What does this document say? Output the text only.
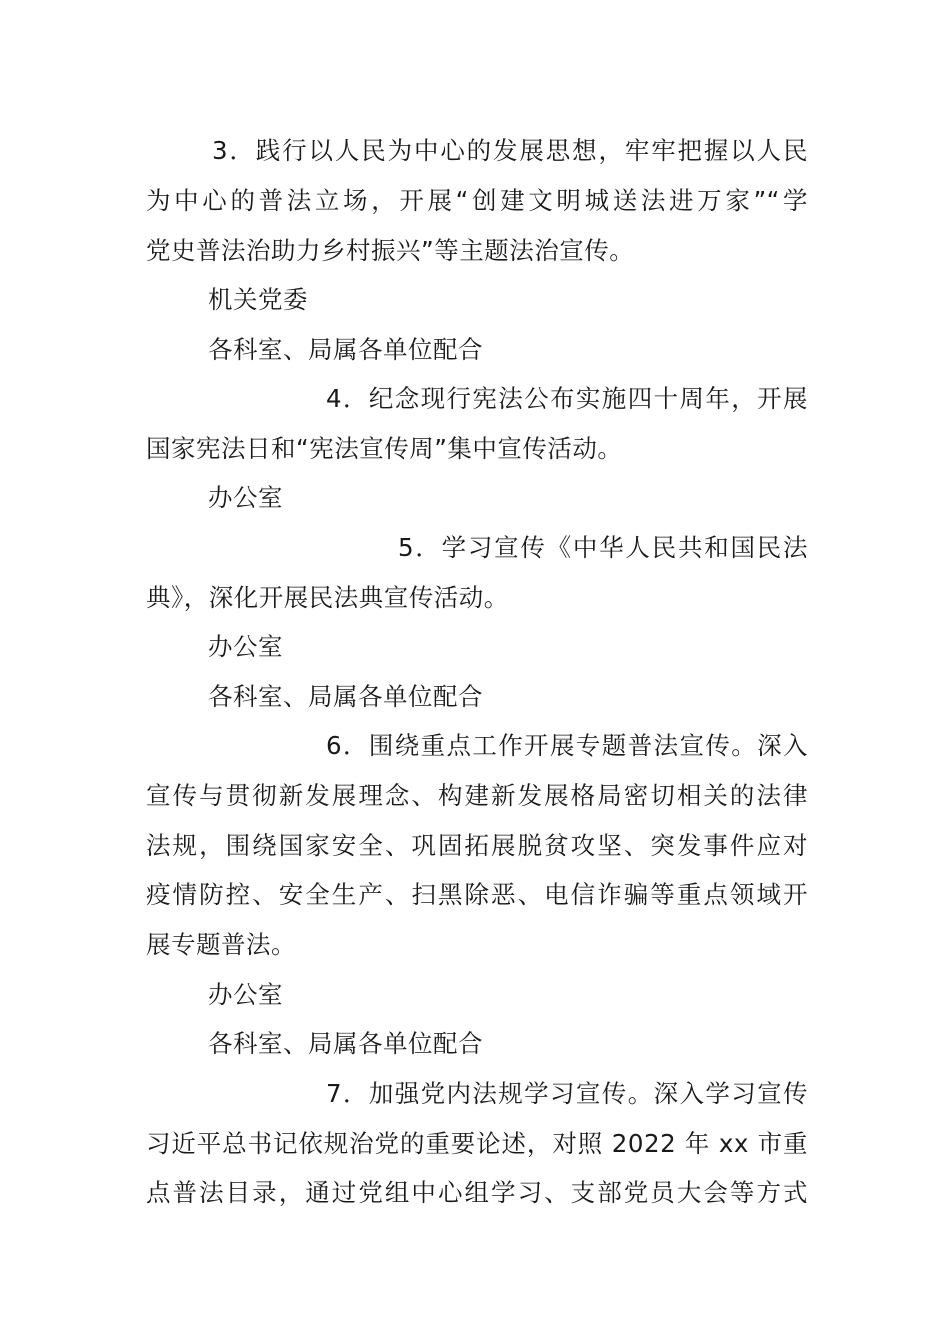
3．践行以人民为中心的发展思想，牢牢把握以人民
为中心的普法立场，开展“创建文明城送法进万家”“学
党史普法治助力乡村振兴”等主题法治宣传。
机关党委
各科室、局属各单位配合
4．纪念现行宪法公布实施四十周年，开展
国家宪法日和“宪法宣传周”集中宣传活动。
办公室
5．学习宣传《中华人民共和国民法
典》，深化开展民法典宣传活动。
办公室
各科室、局属各单位配合
6．围绕重点工作开展专题普法宣传。深入
宣传与贯彻新发展理念、构建新发展格局密切相关的法律
法规，围绕国家安全、巩固拓展脱贫攻坚、突发事件应对
疫情防控、安全生产、扫黑除恶、电信诈骗等重点领域开
展专题普法。
办公室
各科室、局属各单位配合
7．加强党内法规学习宣传。深入学习宣传
习近平总书记依规治党的重要论述，对照 2022 年 xx 市重
点普法目录，通过党组中心组学习、支部党员大会等方式
